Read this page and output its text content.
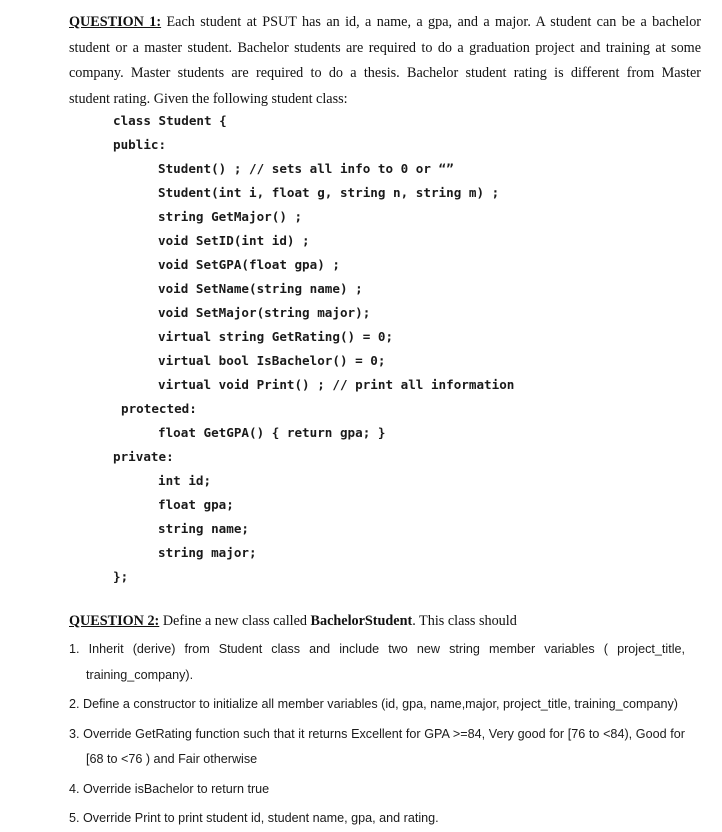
QUESTION 1: Each student at PSUT has an id, a name, a gpa, and a major. A student can be a bachelor
student or a master student. Bachelor students are required to do a graduation project and training at some
company. Master students are required to do a thesis. Bachelor student rating is different from Master
student rating. Given the following student class:
class Student {
public:
Student() ; // sets all info to 0 or “”
Student(int i, float g, string n, string m) ;
string GetMajor() ;
void SetID(int id) ;
void SetGPA(float gpa) ;
void SetName(string name) ;
void SetMajor(string major);
virtual string GetRating() = 0;
virtual bool IsBachelor() = 0;
virtual void Print() ; // print all information
protected:
float GetGPA() { return gpa; }
private:
int id;
float gpa;
string name;
string major;
};
QUESTION 2: Define a new class called BachelorStudent. This class should
1. Inherit (derive) from Student class and include two new string member variables ( project_title,
training_company).
2. Define a constructor to initialize all member variables (id, gpa, name,major, project_title, training_company)
3. Override GetRating function such that it returns Excellent for GPA >=84, Very good for [76 to <84), Good for
[68 to <76 ) and Fair otherwise
4. Override isBachelor to return true
5. Override Print to print student id, student name, gpa, and rating.
